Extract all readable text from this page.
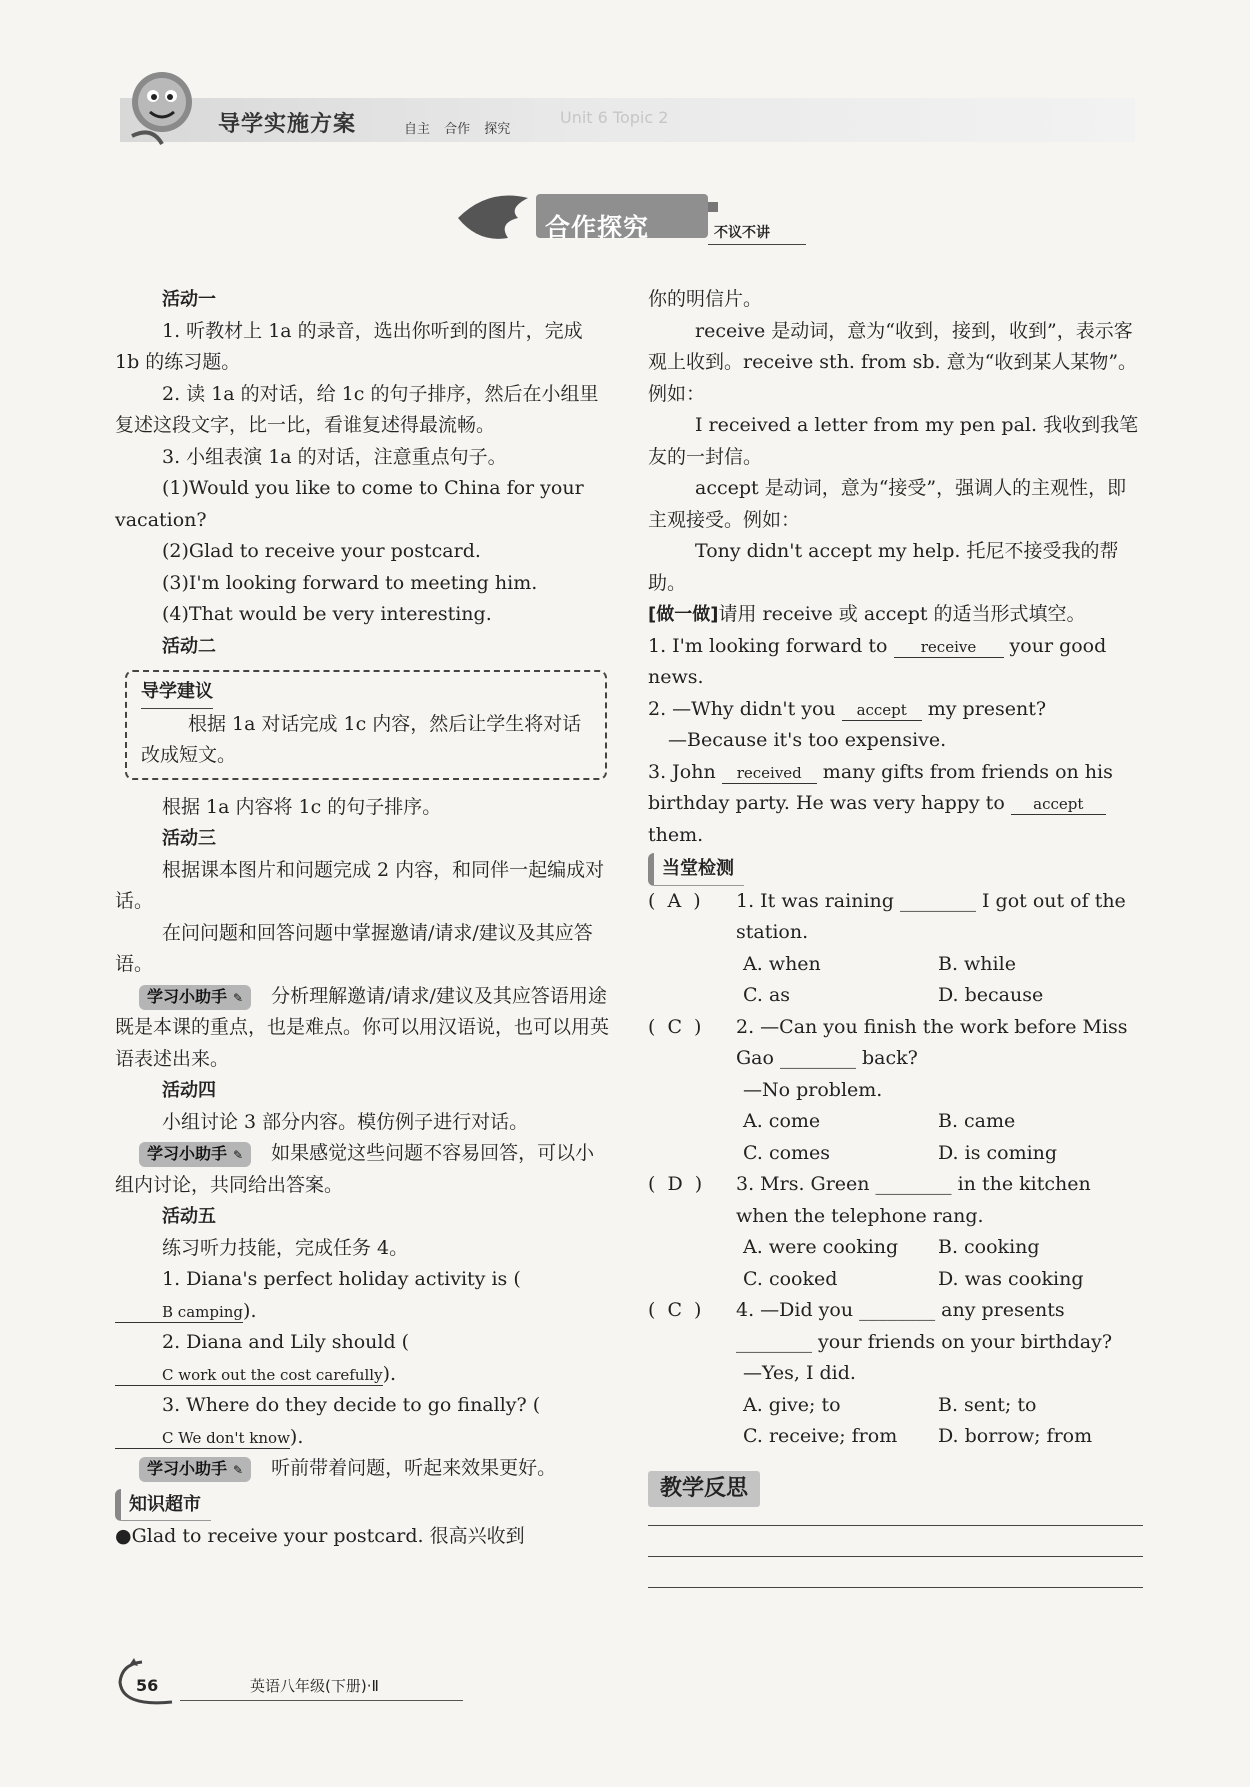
导学实施方案	自主 合作 探究
Unit 6 Topic 2
合作探究	不议不讲

活动一

1. 听教材上 1a 的录音，选出你听到的图片，完成 1b 的练习题。

2. 读 1a 的对话，给 1c 的句子排序，然后在小组里复述这段文字，比一比，看谁复述得最流畅。

3. 小组表演 1a 的对话，注意重点句子。

(1)Would you like to come to China for your vacation?

(2)Glad to receive your postcard.

(3)I'm looking forward to meeting him.

(4)That would be very interesting.

活动二

导学建议

根据 1a 对话完成 1c 内容，然后让学生将对话改成短文。

根据 1a 内容将 1c 的句子排序。

活动三

根据课本图片和问题完成 2 内容，和同伴一起编成对话。

在问问题和回答问题中掌握邀请/请求/建议及其应答语。

学习小助手 ✎ 分析理解邀请/请求/建议及其应答语用途既是本课的重点，也是难点。你可以用汉语说，也可以用英语表述出来。

活动四

小组讨论 3 部分内容。模仿例子进行对话。

学习小助手 ✎ 如果感觉这些问题不容易回答，可以小组内讨论，共同给出答案。

活动五

练习听力技能，完成任务 4。

1. Diana's perfect holiday activity is ( B camping).

2. Diana and Lily should ( C work out the cost carefully).

3. Where do they decide to go finally? ( C We don't know).

学习小助手 ✎ 听前带着问题，听起来效果更好。

知识超市

●Glad to receive your postcard. 很高兴收到

你的明信片。

receive 是动词，意为“收到，接到，收到”，表示客观上收到。receive sth. from sb. 意为“收到某人某物”。例如：

I received a letter from my pen pal. 我收到我笔友的一封信。

accept 是动词，意为“接受”，强调人的主观性，即主观接受。例如：

Tony didn't accept my help. 托尼不接受我的帮助。

[做一做]请用 receive 或 accept 的适当形式填空。

1. I'm looking forward to receive your good news.

2. —Why didn't you accept my present?

—Because it's too expensive.

3. John received many gifts from friends on his birthday party. He was very happy to accept them.

当堂检测

( A )	1. It was raining ________ I got out of the station.
A. when	B. while
C. as	D. because
( C )	2. —Can you finish the work before Miss Gao ________ back?
—No problem.
A. come	B. came
C. comes	D. is coming
( D )	3. Mrs. Green ________ in the kitchen when the telephone rang.
A. were cooking	B. cooking
C. cooked	D. was cooking
( C )	4. —Did you ________ any presents ________ your friends on your birthday?
—Yes, I did.
A. give; to	B. sent; to
C. receive; from	D. borrow; from
教学反思
56	英语八年级(下册)·Ⅱ
